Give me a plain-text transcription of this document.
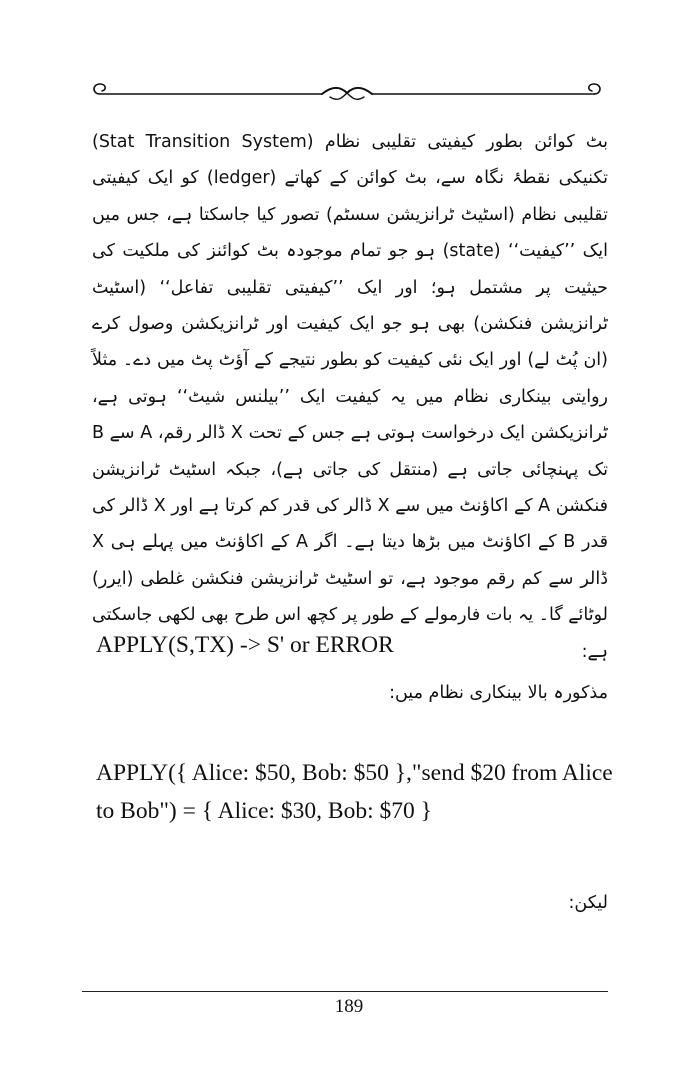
بٹ کوائن بطور کیفیتی تقلیبی نظام (Stat Transition System) تکنیکی نقطۂ نگاہ سے، بٹ کوائن کے کھاتے (ledger) کو ایک کیفیتی تقلیبی نظام (اسٹیٹ ٹرانزیشن سسٹم) تصور کیا جاسکتا ہے، جس میں ایک ’’کیفیت‘‘ (state) ہو جو تمام موجودہ بٹ کوائنز کی ملکیت کی حیثیت پر مشتمل ہو؛ اور ایک ’’کیفیتی تقلیبی تفاعل‘‘ (اسٹیٹ ٹرانزیشن فنکشن) بھی ہو جو ایک کیفیت اور ٹرانزیکشن وصول کرے (ان پُٹ لے) اور ایک نئی کیفیت کو بطور نتیجے کے آؤٹ پٹ میں دے۔ مثلاً روایتی بینکاری نظام میں یہ کیفیت ایک ’’بیلنس شیٹ‘‘ ہوتی ہے، ٹرانزیکشن ایک درخواست ہوتی ہے جس کے تحت X ڈالر رقم، A سے B تک پہنچائی جاتی ہے (منتقل کی جاتی ہے)، جبکہ اسٹیٹ ٹرانزیشن فنکشن A کے اکاؤنٹ میں سے X ڈالر کی قدر کم کرتا ہے اور X ڈالر کی قدر B کے اکاؤنٹ میں بڑھا دیتا ہے۔ اگر A کے اکاؤنٹ میں پہلے ہی X ڈالر سے کم رقم موجود ہے، تو اسٹیٹ ٹرانزیشن فنکشن غلطی (ایرر) لوٹائے گا۔ یہ بات فارمولے کے طور پر کچھ اس طرح بھی لکھی جاسکتی ہے:
APPLY(S,TX) -> S' or ERROR
مذکورہ بالا بینکاری نظام میں:
APPLY({ Alice: $50, Bob: $50 },"send $20 from Alice to Bob") = { Alice: $30, Bob: $70 }
لیکن:
189
